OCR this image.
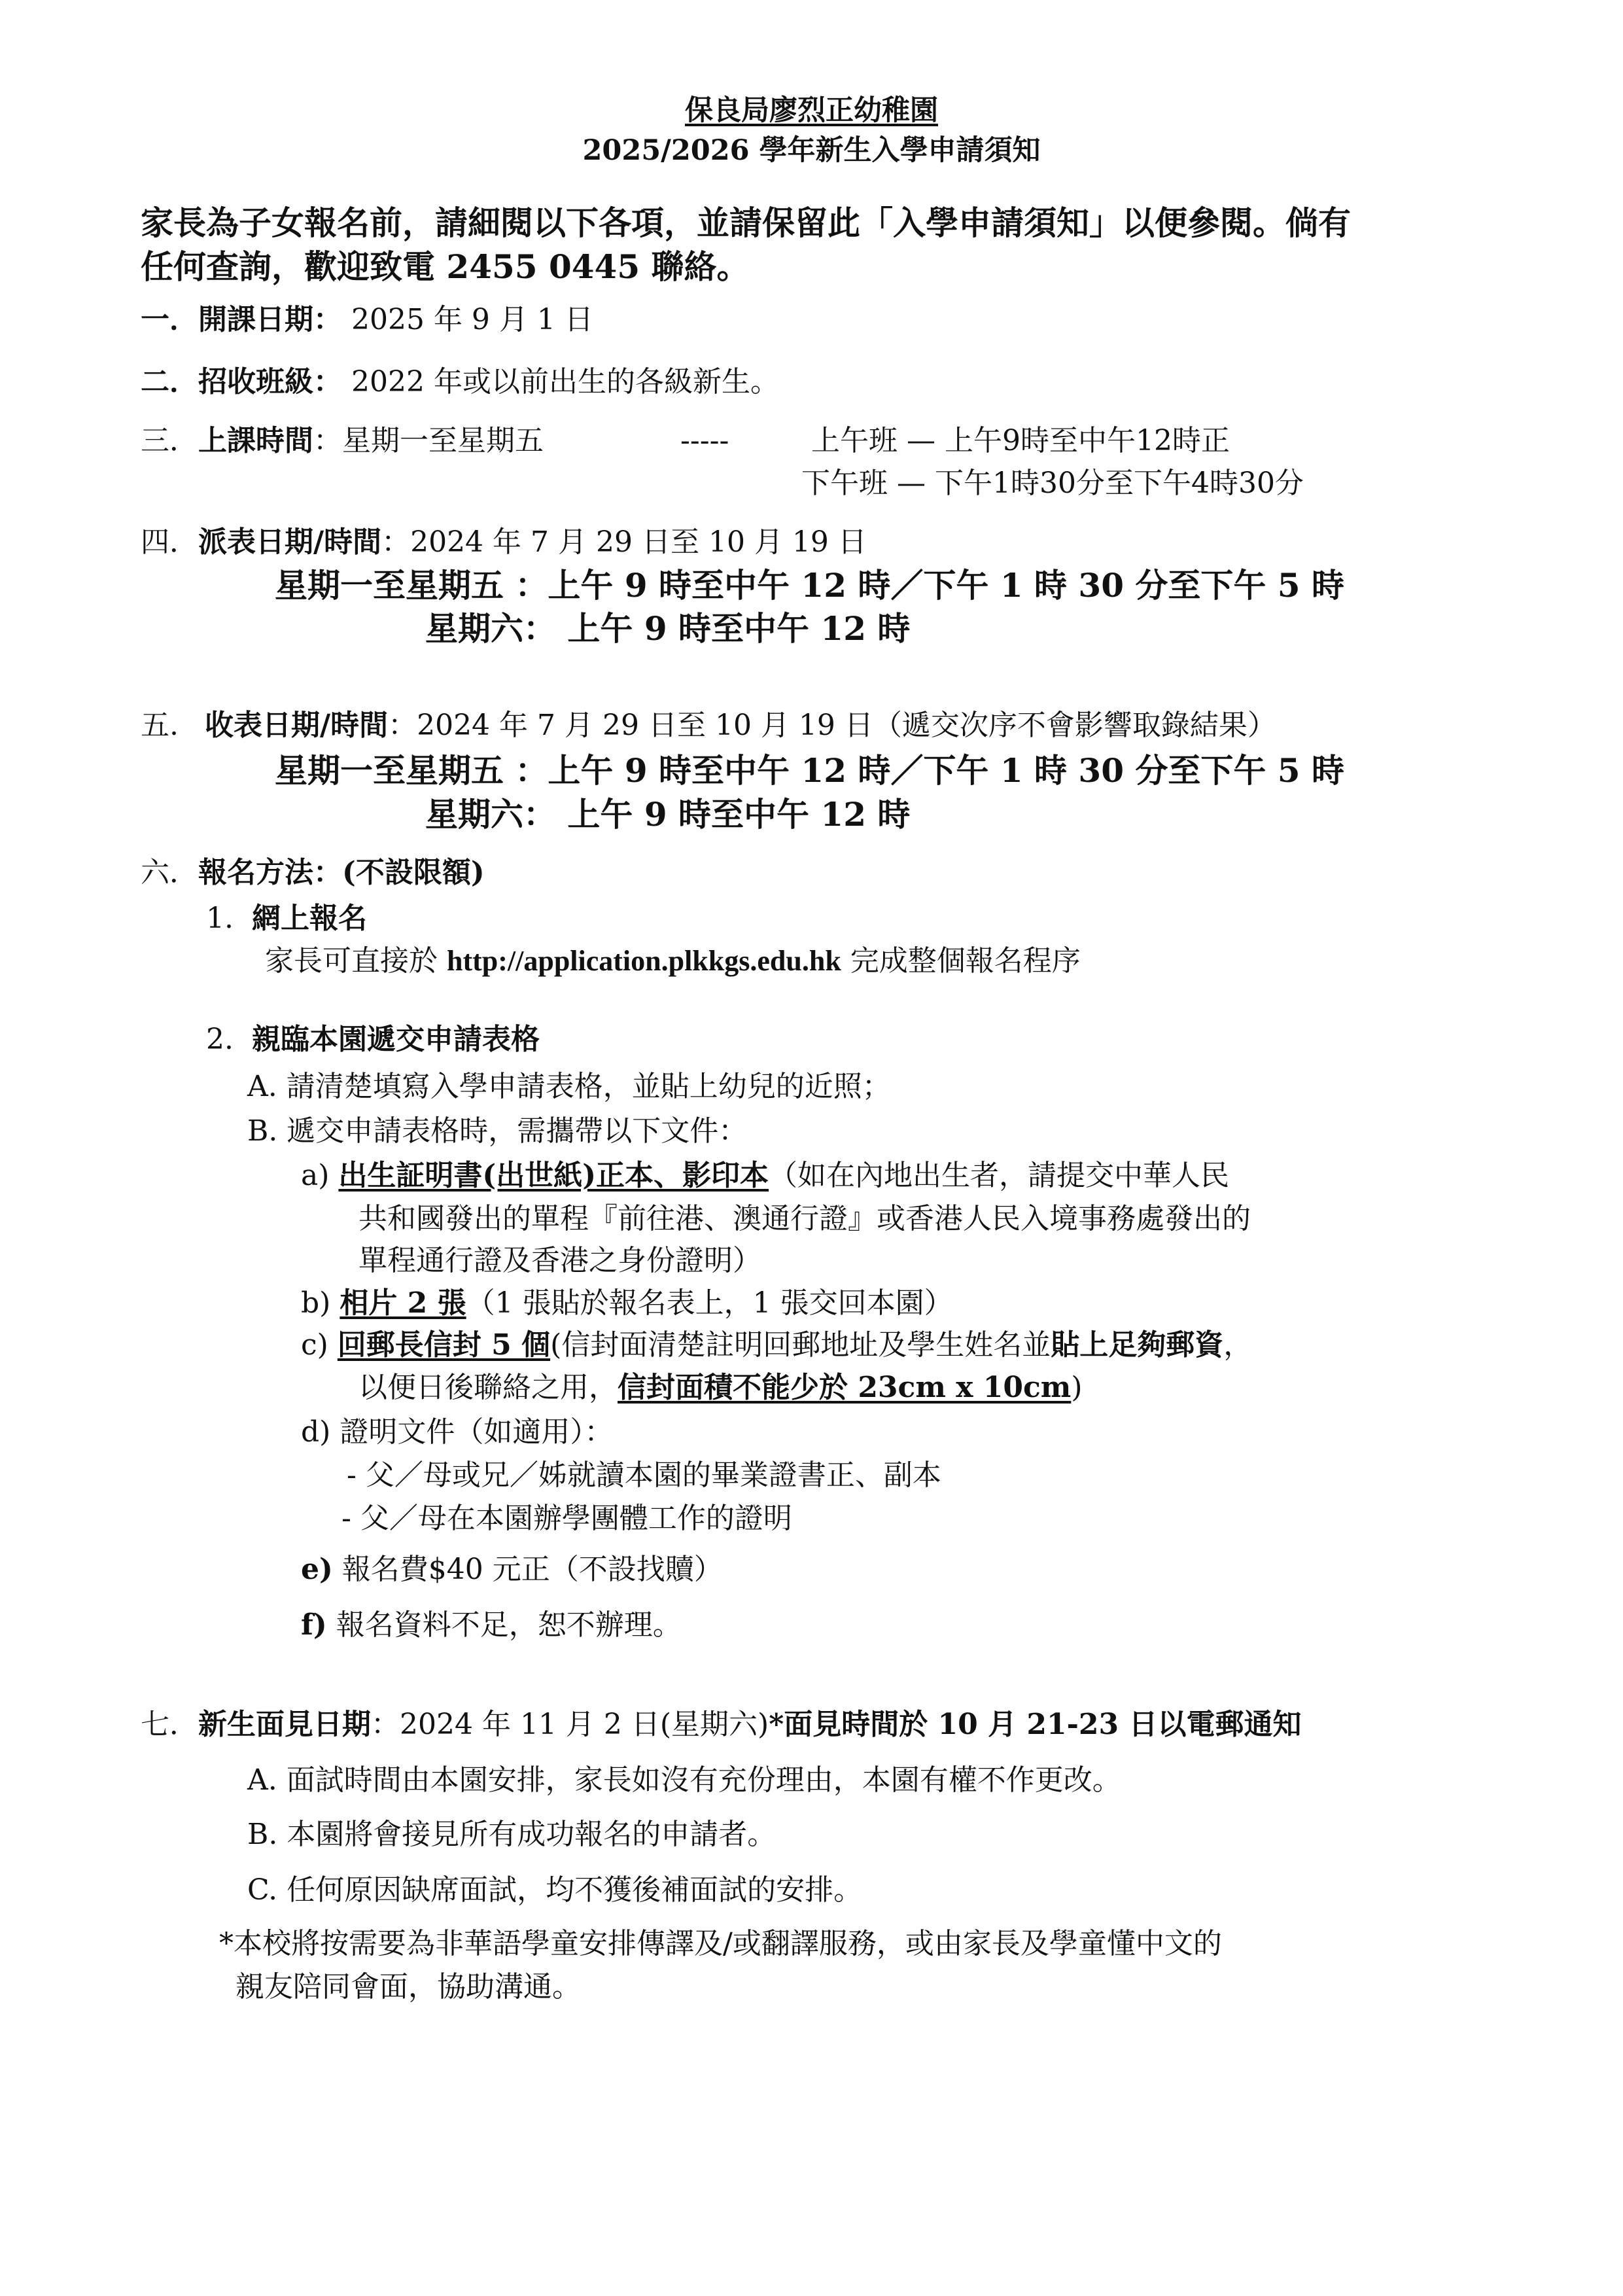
保良局廖烈正幼稚園
2025/2026 學年新生入學申請須知
家長為子女報名前，請細閱以下各項，並請保留此「入學申請須知」以便參閱。倘有
任何查詢，歡迎致電 2455 0445 聯絡。
一．開課日期： 2025 年 9 月 1 日
二．招收班級： 2022 年或以前出生的各級新生。
三．上課時間：星期一至星期五	-----	上午班 — 上午9時至中午12時正
下午班 — 下午1時30分至下午4時30分
四．派表日期/時間：2024 年 7 月 29 日至 10 月 19 日
星期一至星期五 ：上午 9 時至中午 12 時／下午 1 時 30 分至下午 5 時
星期六： 上午 9 時至中午 12 時
五. 收表日期/時間：2024 年 7 月 29 日至 10 月 19 日（遞交次序不會影響取錄結果）
星期一至星期五 ：上午 9 時至中午 12 時／下午 1 時 30 分至下午 5 時
星期六： 上午 9 時至中午 12 時
六．報名方法：(不設限額)
1. 網上報名
家長可直接於 http://application.plkkgs.edu.hk 完成整個報名程序
2. 親臨本園遞交申請表格
A. 請清楚填寫入學申請表格，並貼上幼兒的近照；
B. 遞交申請表格時，需攜帶以下文件：
a) 出生証明書(出世紙)正本、影印本（如在內地出生者，請提交中華人民
共和國發出的單程『前往港、澳通行證』或香港人民入境事務處發出的
單程通行證及香港之身份證明）
b) 相片 2 張（1 張貼於報名表上，1 張交回本園）
c) 回郵長信封 5 個(信封面清楚註明回郵地址及學生姓名並貼上足夠郵資，
以便日後聯絡之用，信封面積不能少於 23cm x 10cm)
d) 證明文件（如適用）：
- 父／母或兄／姊就讀本園的畢業證書正、副本
- 父／母在本園辦學團體工作的證明
e) 報名費$40 元正（不設找贖）
f) 報名資料不足，恕不辦理。
七．新生面見日期：2024 年 11 月 2 日(星期六)*面見時間於 10 月 21-23 日以電郵通知
A. 面試時間由本園安排，家長如沒有充份理由，本園有權不作更改。
B. 本園將會接見所有成功報名的申請者。
C. 任何原因缺席面試，均不獲後補面試的安排。
*本校將按需要為非華語學童安排傳譯及/或翻譯服務，或由家長及學童懂中文的
親友陪同會面，協助溝通。
